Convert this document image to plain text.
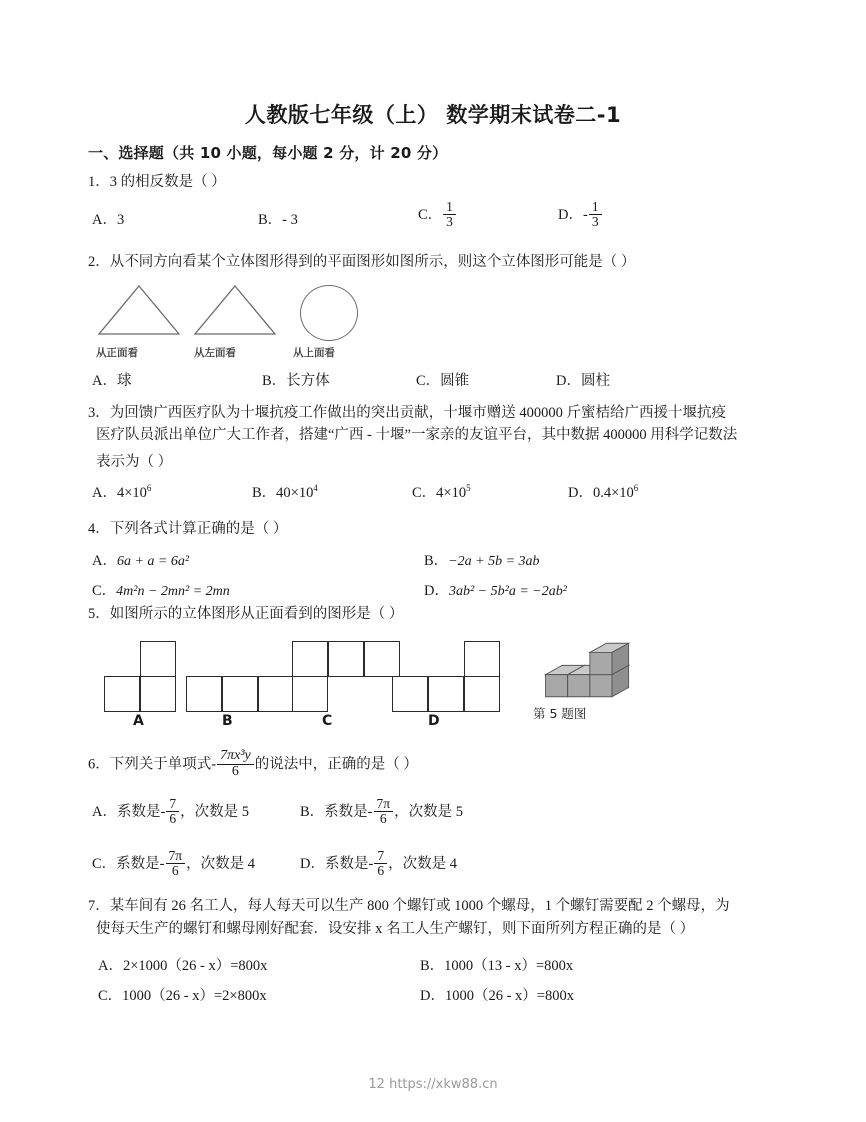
人教版七年级（上） 数学期末试卷二-1
一、选择题（共 10 小题，每小题 2 分，计 20 分）
1．3 的相反数是（ ）
A．3	B．- 3	C． $\frac{1}{3}$	D．- $\frac{1}{3}$
2．从不同方向看某个立体图形得到的平面图形如图所示，则这个立体图形可能是（ ）
从正面看	从左面看	从上面看
A．球	B．长方体	C．圆锥	D．圆柱
3．为回馈广西医疗队为十堰抗疫工作做出的突出贡献，十堰市赠送 400000 斤蜜桔给广西援十堰抗疫
医疗队员派出单位广大工作者，搭建“广西 - 十堰”一家亲的友谊平台，其中数据 400000 用科学记数法
表示为（ ）
A．$4\times 10^6$	B．$40\times 10^4$	C．$4\times 10^5$	D．$0.4\times 10^6$
4．下列各式计算正确的是（ ）
A．6a + a = 6a²	B．−2a + 5b = 3ab
C．4m²n − 2mn² = 2mn	D．3ab² − 5b²a = −2ab²
5．如图所示的立体图形从正面看到的图形是（ ）
A	B	C	D	第 5 题图
6．下列关于单项式- $\frac{\text{7πx³y}}{6}$ 的说法中，正确的是（ ）
A．系数是- $\frac{7}{6}$ ，次数是 5	B．系数是- $\frac{7\pi}{6}$ ，次数是 5
C．系数是- $\frac{7\pi}{6}$ ，次数是 4	D．系数是- $\frac{7}{6}$ ，次数是 4
7．某车间有 26 名工人，每人每天可以生产 800 个螺钉或 1000 个螺母，1 个螺钉需要配 2 个螺母，为
使每天生产的螺钉和螺母刚好配套．设安排 x 名工人生产螺钉，则下面所列方程正确的是（ ）
A．2×1000（26 - x）=800x	B．1000（13 - x）=800x
C．1000（26 - x）=2×800x	D．1000（26 - x）=800x
12 https://xkw88.cn
